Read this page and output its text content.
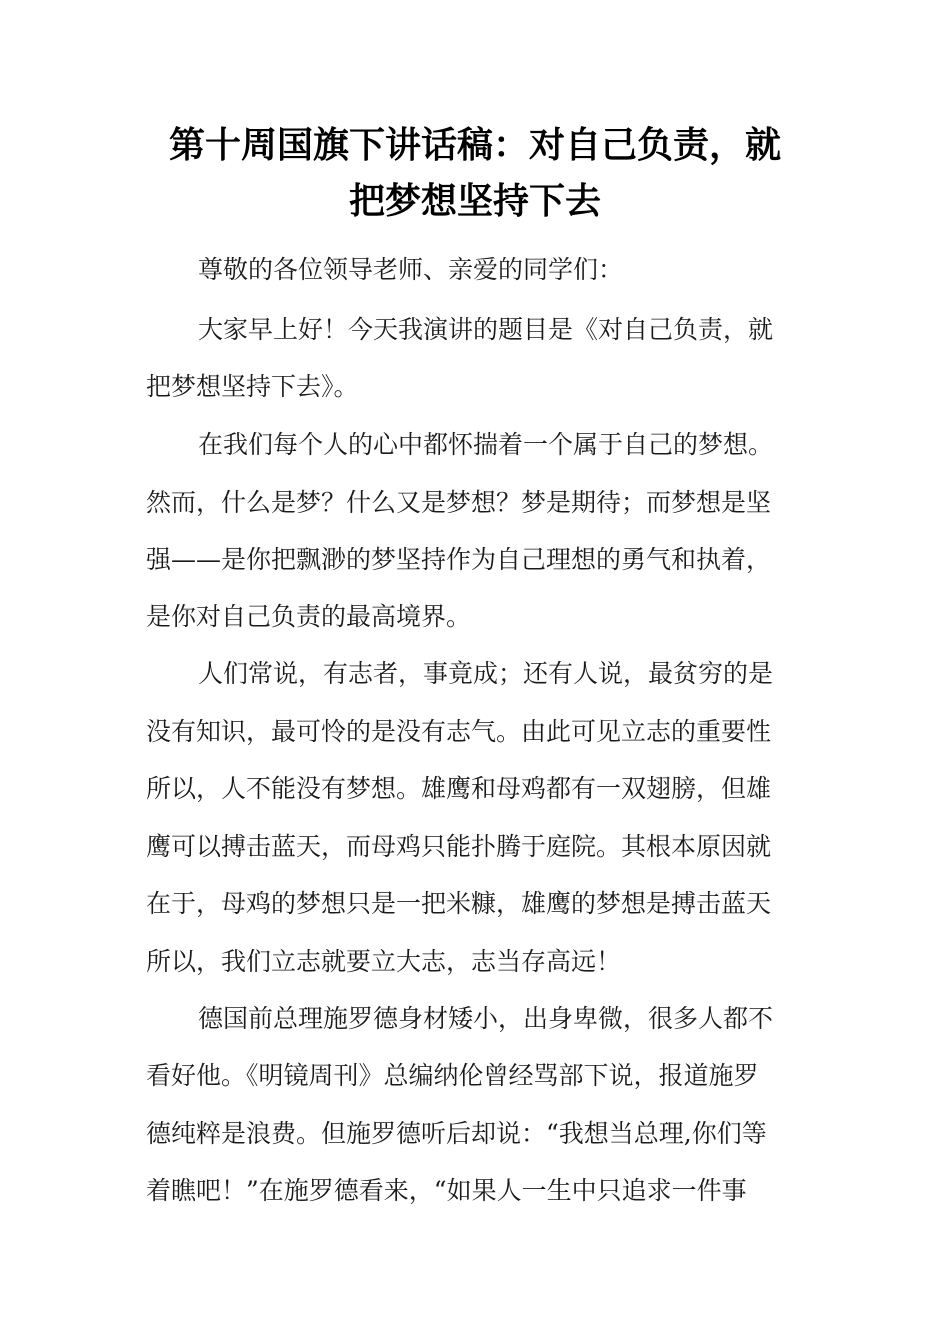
第十周国旗下讲话稿：对自己负责，就
把梦想坚持下去
尊敬的各位领导老师、亲爱的同学们：
大家早上好！今天我演讲的题目是《对自己负责，就
把梦想坚持下去》。
在我们每个人的心中都怀揣着一个属于自己的梦想。
然而，什么是梦？什么又是梦想？梦是期待；而梦想是坚
强——是你把飘渺的梦坚持作为自己理想的勇气和执着，
是你对自己负责的最高境界。
人们常说，有志者，事竟成；还有人说，最贫穷的是
没有知识，最可怜的是没有志气。由此可见立志的重要性
所以，人不能没有梦想。雄鹰和母鸡都有一双翅膀，但雄
鹰可以搏击蓝天，而母鸡只能扑腾于庭院。其根本原因就
在于，母鸡的梦想只是一把米糠，雄鹰的梦想是搏击蓝天
所以，我们立志就要立大志，志当存高远！
德国前总理施罗德身材矮小，出身卑微，很多人都不
看好他。《明镜周刊》总编纳伦曾经骂部下说，报道施罗
德纯粹是浪费。但施罗德听后却说：“我想当总理,你们等
着瞧吧！”在施罗德看来，“如果人一生中只追求一件事
